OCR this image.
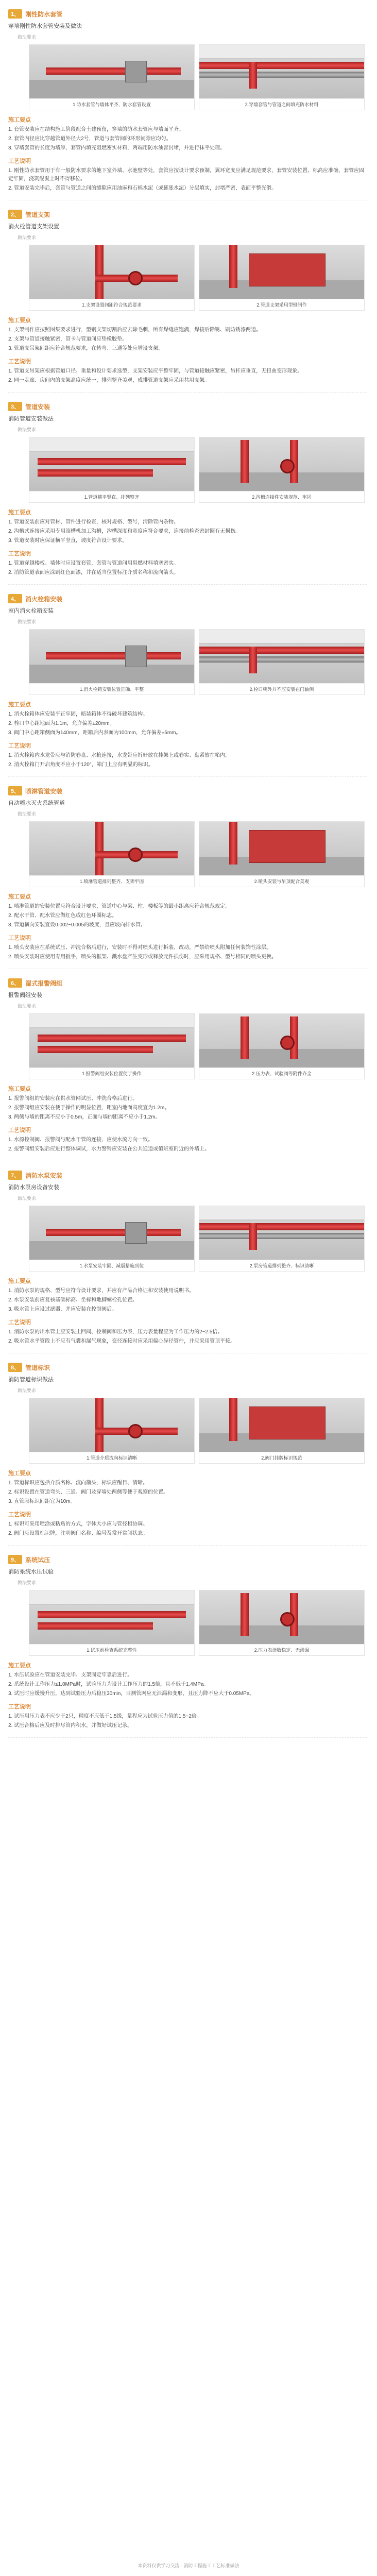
1、 刚性防水套管
穿墙刚性防水套管安装及做法
做法要求
1.防水套管与墙体平齐、防水套管设置	2.穿墙套管与管道之间填充防水材料
施工要点

1. 套管安装应在结构施工阶段配合土建预留，穿墙的防水套管应与墙面平齐。

2. 套管内径应比穿越管道外径大2号，管道与套管间的环形间隙应均匀。

3. 穿墙套管的长度为墙厚，套管内填充阻燃密实材料，两端用防水油膏封堵，并进行抹平处理。

工艺说明

1. 刚性防水套管用于有一般防水要求的地下室外墙、水池壁等处，套管应按设计要求预制，翼环宽度应满足规范要求，套管安装位置、标高应准确，套管应固定牢固，浇筑混凝土时不得移位。

2. 管道安装完毕后，套管与管道之间的缝隙应用油麻和石棉水泥（或膨胀水泥）分层填实，封堵严密，表面平整光滑。

2、 管道支架
消火栓管道支架设置
做法要求
1.支架设置间距符合规范要求	2.管道支架采用型钢制作
施工要点

1. 支架制作应按照图集要求进行，型钢支架切割后应去除毛刺，所有焊缝应饱满，焊接后除锈、刷防锈漆两道。

2. 支架与管道接触紧密，管卡与管道间应垫橡胶垫。

3. 管道支吊架间距应符合规范要求，在转弯、三通等处应增设支架。

工艺说明

1. 管道支吊架应根据管道口径、重量和设计要求选型，支架安装应平整牢固，与管道接触应紧密，吊杆应垂直，无扭曲变形现象。

2. 同一走廊、房间内的支架高度应统一，排列整齐美观，成排管道支架应采用共用支架。

3、 管道安装
消防管道安装做法
做法要求
1.管道横平竖直、排列整齐	2.沟槽连接件安装规范、牢固
施工要点

1. 管道安装前应对管材、管件进行检查，核对规格、型号，清除管内杂物。

2. 沟槽式连接应采用专用滚槽机加工沟槽，沟槽深度和宽度应符合要求，连接前检查密封圈有无损伤。

3. 管道安装时应保证横平竖直，坡度符合设计要求。

工艺说明

1. 管道穿越楼板、墙体时应设置套管，套管与管道间用阻燃材料填塞密实。

2. 消防管道表面应涂刷红色面漆，并在适当位置标注介质名称和流向箭头。

4、 消火栓箱安装
室内消火栓箱安装
做法要求
1.消火栓箱安装位置正确、平整	2.栓口朝外并不应安装在门轴侧
施工要点

1. 消火栓箱体应安装平正牢固，暗装箱体不得破坏建筑结构。

2. 栓口中心距地面为1.1m，允许偏差±20mm。

3. 阀门中心距箱侧面为140mm，距箱后内表面为100mm，允许偏差±5mm。

工艺说明

1. 消火栓箱内水龙带应与消防卷盘、水枪连接，水龙带应折好放在挂架上或卷实、盘紧放在箱内。

2. 消火栓箱门开启角度不应小于120°，箱门上应有明显的标识。

5、 喷淋管道安装
自动喷水灭火系统管道
做法要求
1.喷淋管道排列整齐、支架牢固	2.喷头安装与吊顶配合美观
施工要点

1. 喷淋管道的安装位置应符合设计要求，管道中心与梁、柱、楼板等的最小距离应符合规范规定。

2. 配水干管、配水管应做红色或红色环圈标志。

3. 管道横向安装宜设0.002~0.005的坡度，且应坡向排水管。

工艺说明

1. 喷头安装应在系统试压、冲洗合格后进行，安装时不得对喷头进行拆装、改动，严禁给喷头附加任何装饰性涂层。

2. 喷头安装时应使用专用扳手，喷头的框架、溅水盘产生变形或释放元件损伤时，应采用规格、型号相同的喷头更换。

6、 湿式报警阀组
报警阀组安装
做法要求
1.报警阀组安装位置便于操作	2.压力表、试验阀等附件齐全
施工要点

1. 报警阀组的安装应在供水管网试压、冲洗合格后进行。

2. 报警阀组应安装在便于操作的明显位置，距室内地面高度宜为1.2m。

3. 两侧与墙的距离不应小于0.5m，正面与墙的距离不应小于1.2m。

工艺说明

1. 水源控制阀、报警阀与配水干管的连接，应使水流方向一致。

2. 报警阀组安装后应进行整体调试，水力警铃应安装在公共通道或值班室附近的外墙上。

7、 消防水泵安装
消防水泵房设备安装
做法要求
1.水泵安装牢固、减震措施到位	2.泵房管道排列整齐、标识清晰
施工要点

1. 消防水泵的规格、型号应符合设计要求，并应有产品合格证和安装使用说明书。

2. 水泵安装前应复核基础标高、坐标和地脚螺栓孔位置。

3. 吸水管上应设过滤器，并应安装在控制阀后。

工艺说明

1. 消防水泵的出水管上应安装止回阀、控制阀和压力表，压力表量程应为工作压力的2~2.5倍。

2. 吸水管水平管段上不应有气囊和漏气现象，变径连接时应采用偏心异径管件，并应采用管顶平接。

8、 管道标识
消防管道标识做法
做法要求
1.管道介质流向标识清晰	2.阀门挂牌标识规范
施工要点

1. 管道标识应包括介质名称、流向箭头，标识应醒目、清晰。

2. 标识设置在管道弯头、三通、阀门及穿墙处两侧等便于观察的位置。

3. 直管段标识间距宜为10m。

工艺说明

1. 标识可采用喷涂或粘贴的方式，字体大小应与管径相协调。

2. 阀门应设置标识牌，注明阀门名称、编号及常开常闭状态。

9、 系统试压
消防系统水压试验
做法要求
1.试压前检查系统完整性	2.压力表读数稳定、无渗漏
施工要点

1. 水压试验应在管道安装完毕、支架固定牢靠后进行。

2. 系统设计工作压力≤1.0MPa时，试验压力为设计工作压力的1.5倍，且不低于1.4MPa。

3. 试压时应缓慢升压，达到试验压力后稳压30min，目测管网应无泄漏和变形，且压力降不应大于0.05MPa。

工艺说明

1. 试压用压力表不应少于2只，精度不应低于1.5级，量程应为试验压力值的1.5~2倍。

2. 试压合格后应及时排尽管内积水，并做好试压记录。

本资料仅供学习交流 · 消防工程施工工艺标准做法
